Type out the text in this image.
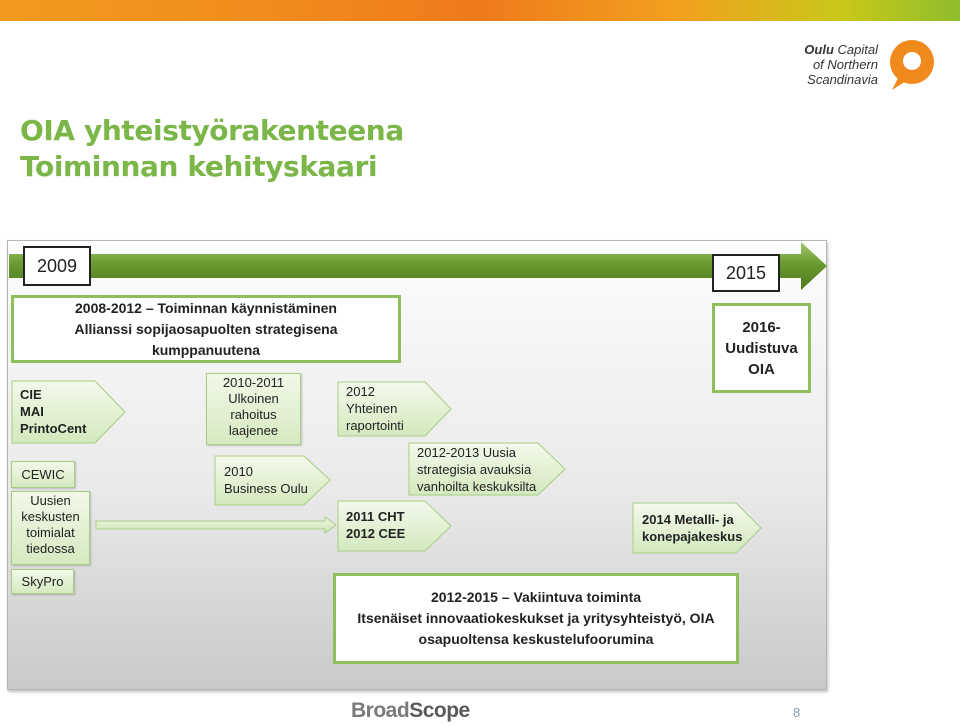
Oulu Capital
of Northern
Scandinavia
OIA yhteistyörakenteena
Toiminnan kehityskaari
2009	2015
2008-2012 – Toiminnan käynnistäminen
Allianssi sopijaosapuolten strategisena
kumppanuutena
2016-
Uudistuva
OIA
2012-2015 – Vakiintuva toiminta
Itsenäiset innovaatiokeskukset ja yritysyhteistyö, OIA
osapuoltensa keskustelufoorumina
CIE
MAI
PrintoCent
2010-2011
Ulkoinen
rahoitus
laajenee
2012
Yhteinen
raportointi
2010
Business Oulu
2012-2013 Uusia
strategisia avauksia
vanhoilta keskuksilta
2011 CHT
2012 CEE
2014 Metalli- ja
konepajakeskus
CEWIC
Uusien
keskusten
toimialat
tiedossa
SkyPro
BroadScope	8
